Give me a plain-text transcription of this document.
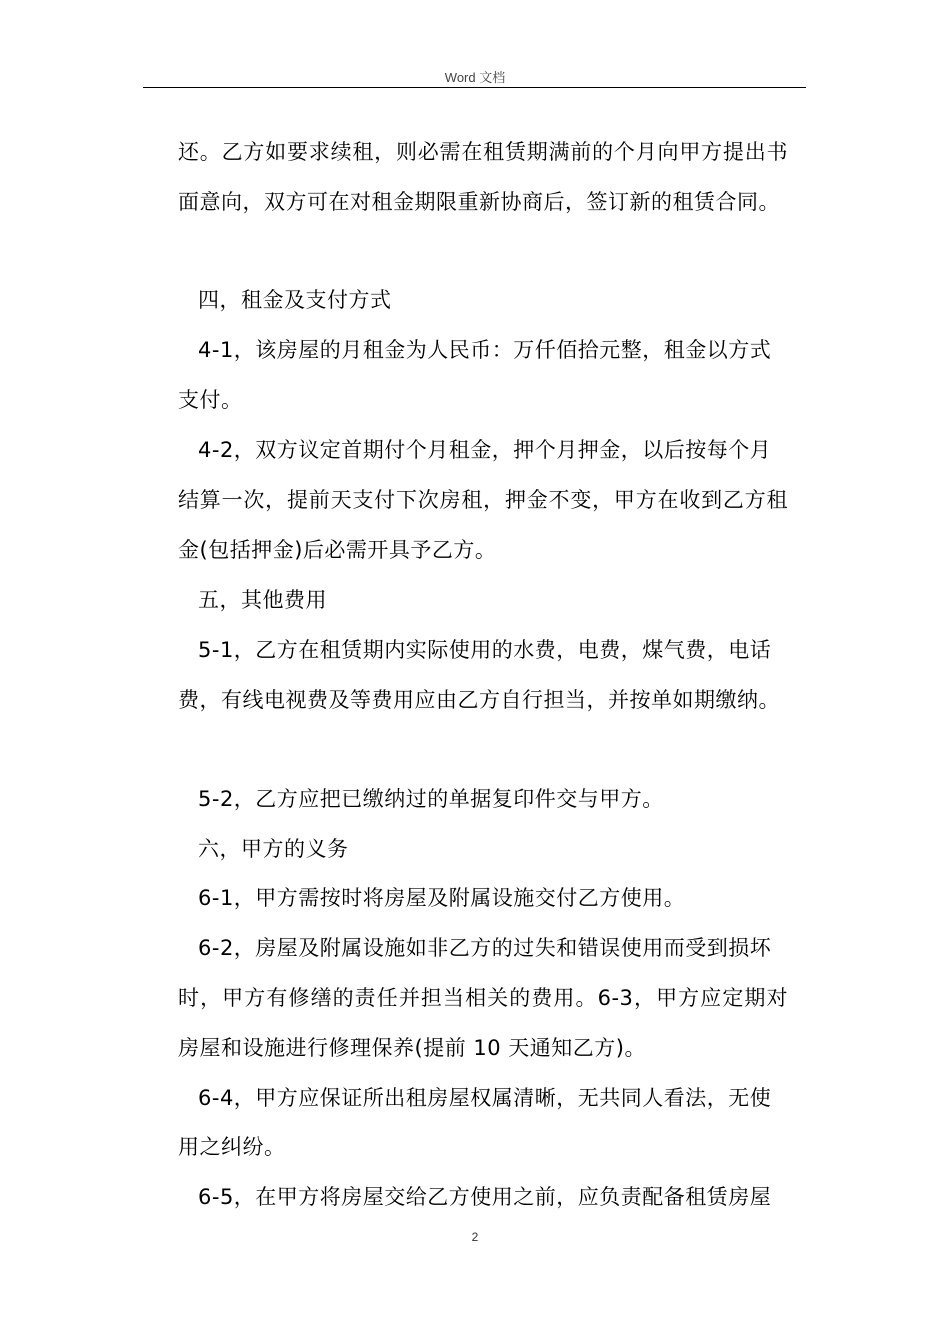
Word 文档
还。乙方如要求续租，则必需在租赁期满前的个月向甲方提出书
面意向，双方可在对租金期限重新协商后，签订新的租赁合同。
四，租金及支付方式
4-1，该房屋的月租金为人民币：万仟佰拾元整，租金以方式
支付。
4-2，双方议定首期付个月租金，押个月押金，以后按每个月
结算一次，提前天支付下次房租，押金不变，甲方在收到乙方租
金(包括押金)后必需开具予乙方。
五，其他费用
5-1，乙方在租赁期内实际使用的水费，电费，煤气费，电话
费，有线电视费及等费用应由乙方自行担当，并按单如期缴纳。
5-2，乙方应把已缴纳过的单据复印件交与甲方。
六，甲方的义务
6-1，甲方需按时将房屋及附属设施交付乙方使用。
6-2，房屋及附属设施如非乙方的过失和错误使用而受到损坏
时，甲方有修缮的责任并担当相关的费用。6-3，甲方应定期对
房屋和设施进行修理保养(提前 10 天通知乙方)。
6-4，甲方应保证所出租房屋权属清晰，无共同人看法，无使
用之纠纷。
6-5，在甲方将房屋交给乙方使用之前，应负责配备租赁房屋
2
